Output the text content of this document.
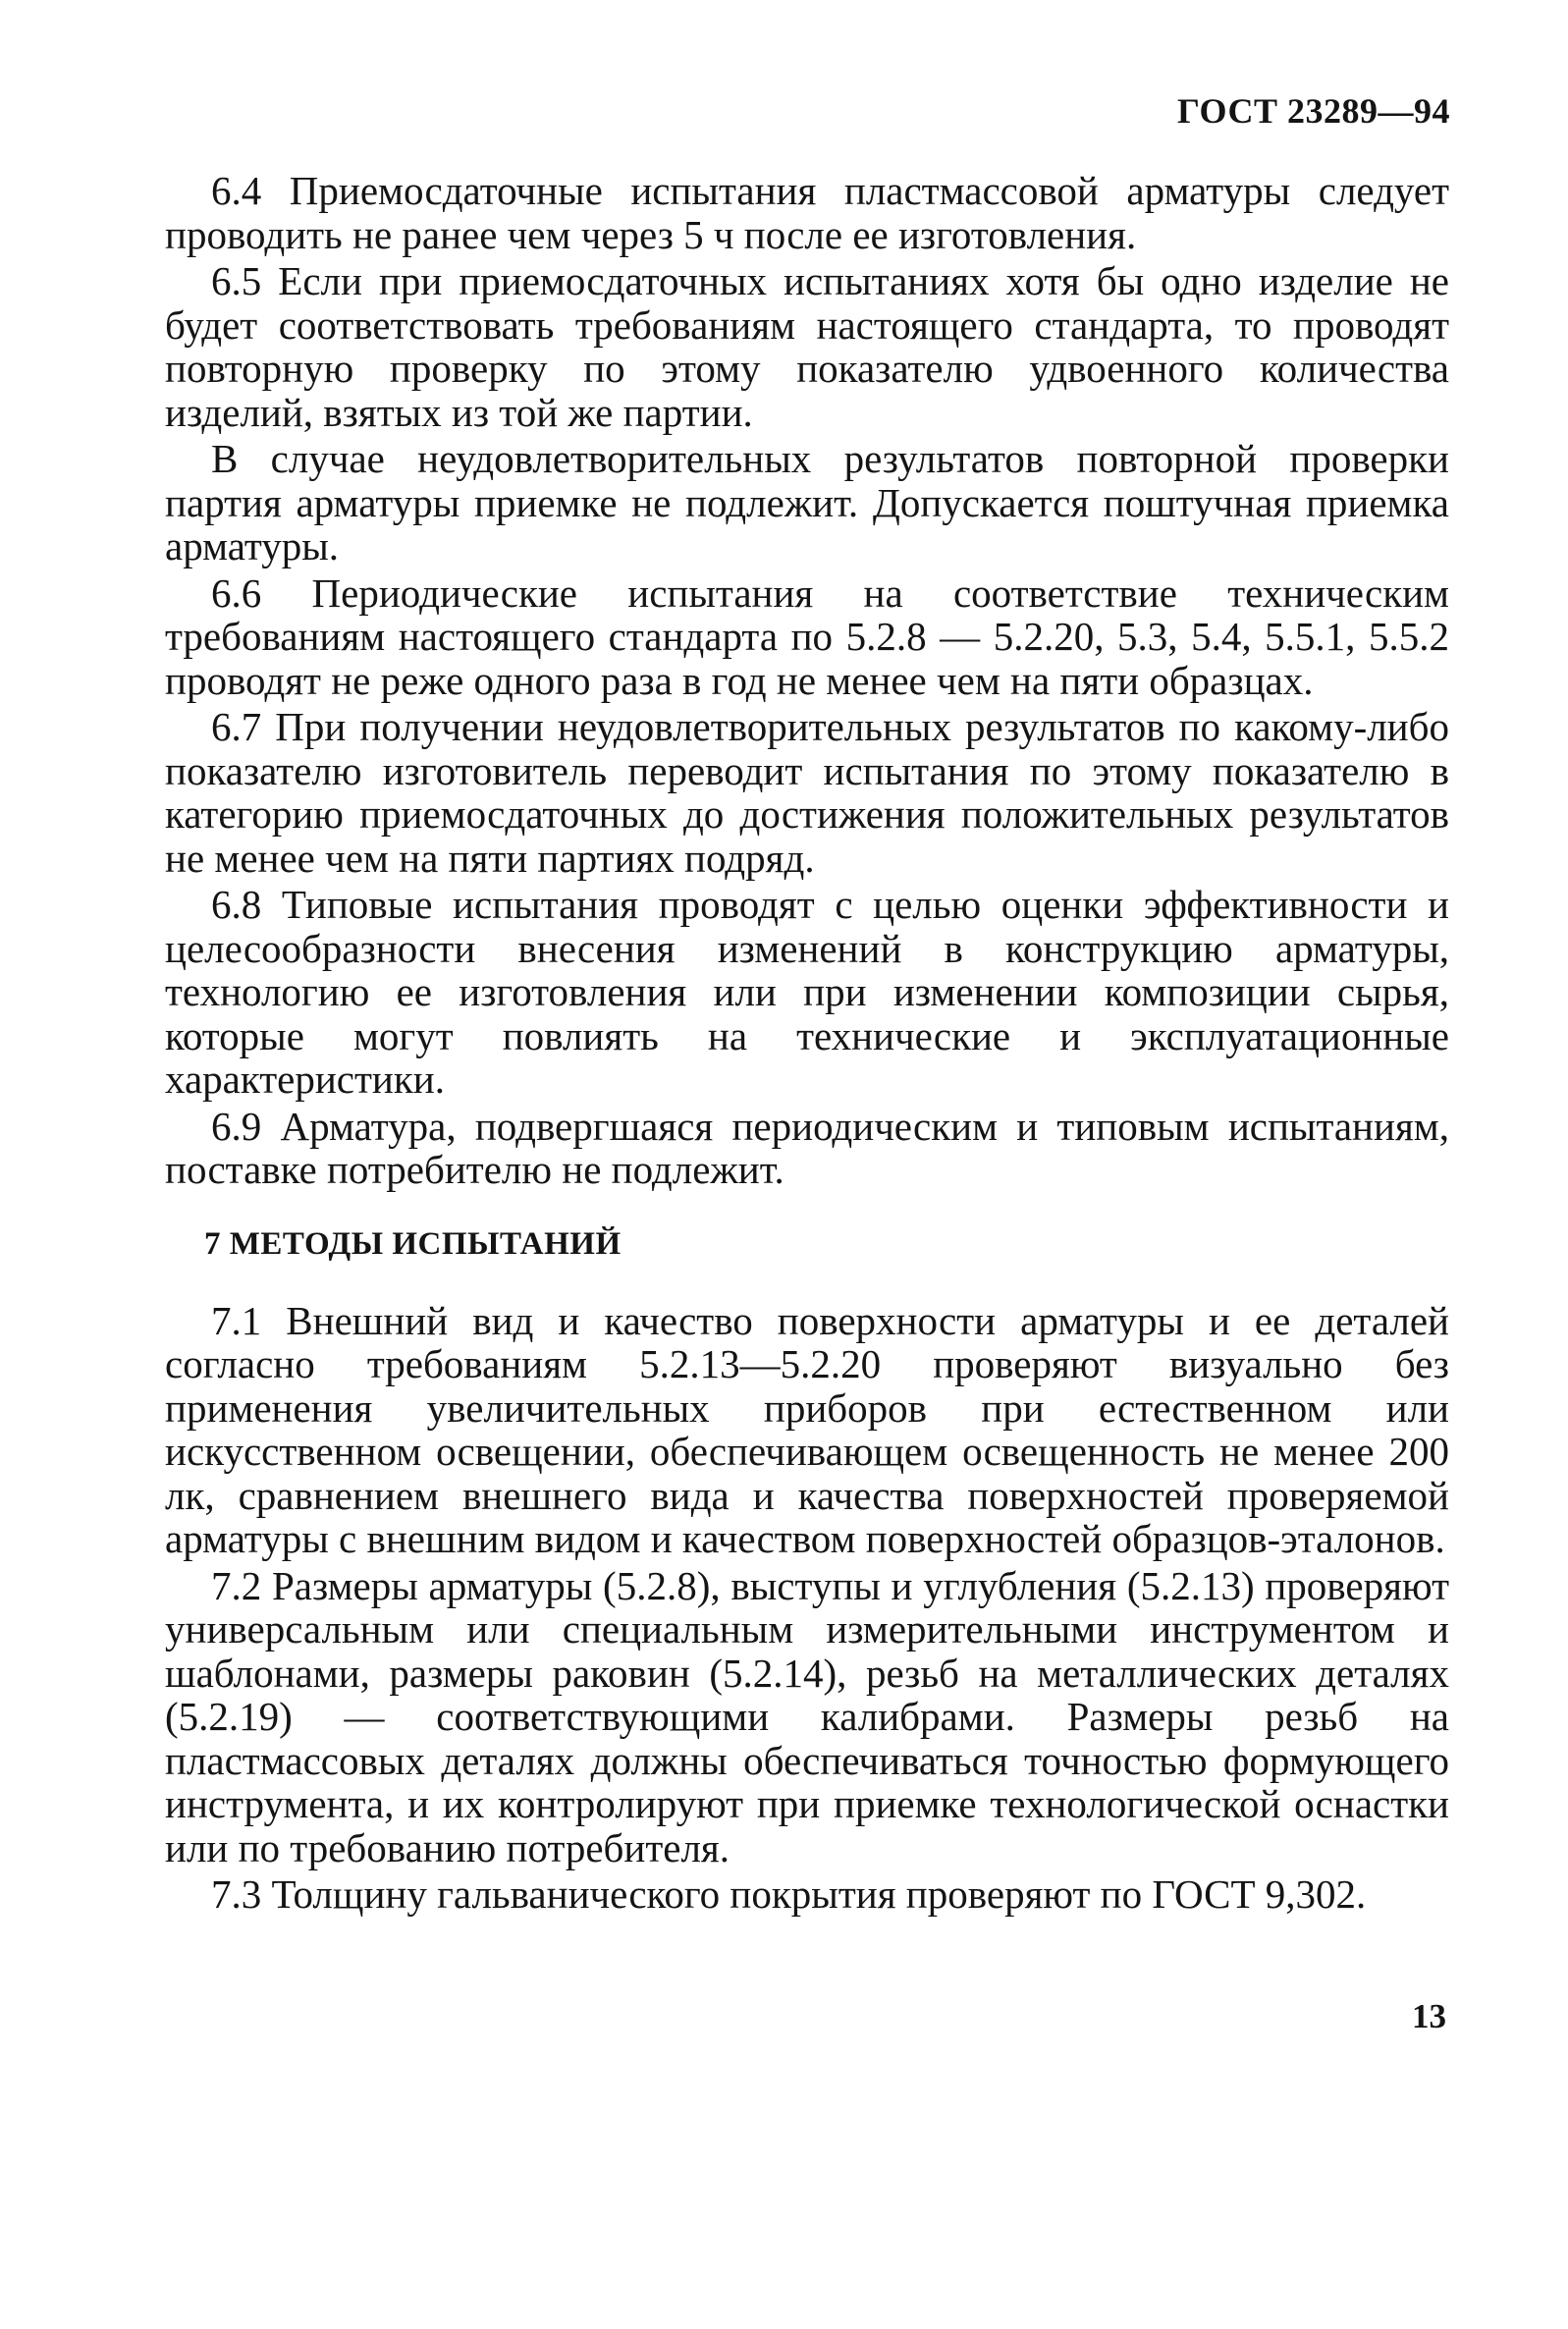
ГОСТ 23289—94

6.4 Приемосдаточные испытания пластмассовой арматуры следует проводить не ранее чем через 5 ч после ее изготовления.

6.5 Если при приемосдаточных испытаниях хотя бы одно изделие не будет соответствовать требованиям настоящего стандарта, то проводят повторную проверку по этому показателю удвоенного количества изделий, взятых из той же партии.

В случае неудовлетворительных результатов повторной проверки партия арматуры приемке не подлежит. Допускается поштучная приемка арматуры.

6.6 Периодические испытания на соответствие техническим требованиям настоящего стандарта по 5.2.8 — 5.2.20, 5.3, 5.4, 5.5.1, 5.5.2 проводят не реже одного раза в год не менее чем на пяти образцах.

6.7 При получении неудовлетворительных результатов по какому-либо показателю изготовитель переводит испытания по этому показателю в категорию приемосдаточных до достижения положительных результатов не менее чем на пяти партиях подряд.

6.8 Типовые испытания проводят с целью оценки эффективности и целесообразности внесения изменений в конструкцию арматуры, технологию ее изготовления или при изменении композиции сырья, которые могут повлиять на технические и эксплуатационные характеристики.

6.9 Арматура, подвергшаяся периодическим и типовым испытаниям, поставке потребителю не подлежит.

7 МЕТОДЫ ИСПЫТАНИЙ

7.1 Внешний вид и качество поверхности арматуры и ее деталей согласно требованиям 5.2.13—5.2.20 проверяют визуально без применения увеличительных приборов при естественном или искусственном освещении, обеспечивающем освещенность не менее 200 лк, сравнением внешнего вида и качества поверхностей проверяемой арматуры с внешним видом и качеством поверхностей образцов-эталонов.

7.2 Размеры арматуры (5.2.8), выступы и углубления (5.2.13) проверяют универсальным или специальным измерительными инструментом и шаблонами, размеры раковин (5.2.14), резьб на металлических деталях (5.2.19) — соответствующими калибрами. Размеры резьб на пластмассовых деталях должны обеспечиваться точностью формующего инструмента, и их контролируют при приемке технологической оснастки или по требованию потребителя.

7.3 Толщину гальванического покрытия проверяют по ГОСТ 9,302.

13
